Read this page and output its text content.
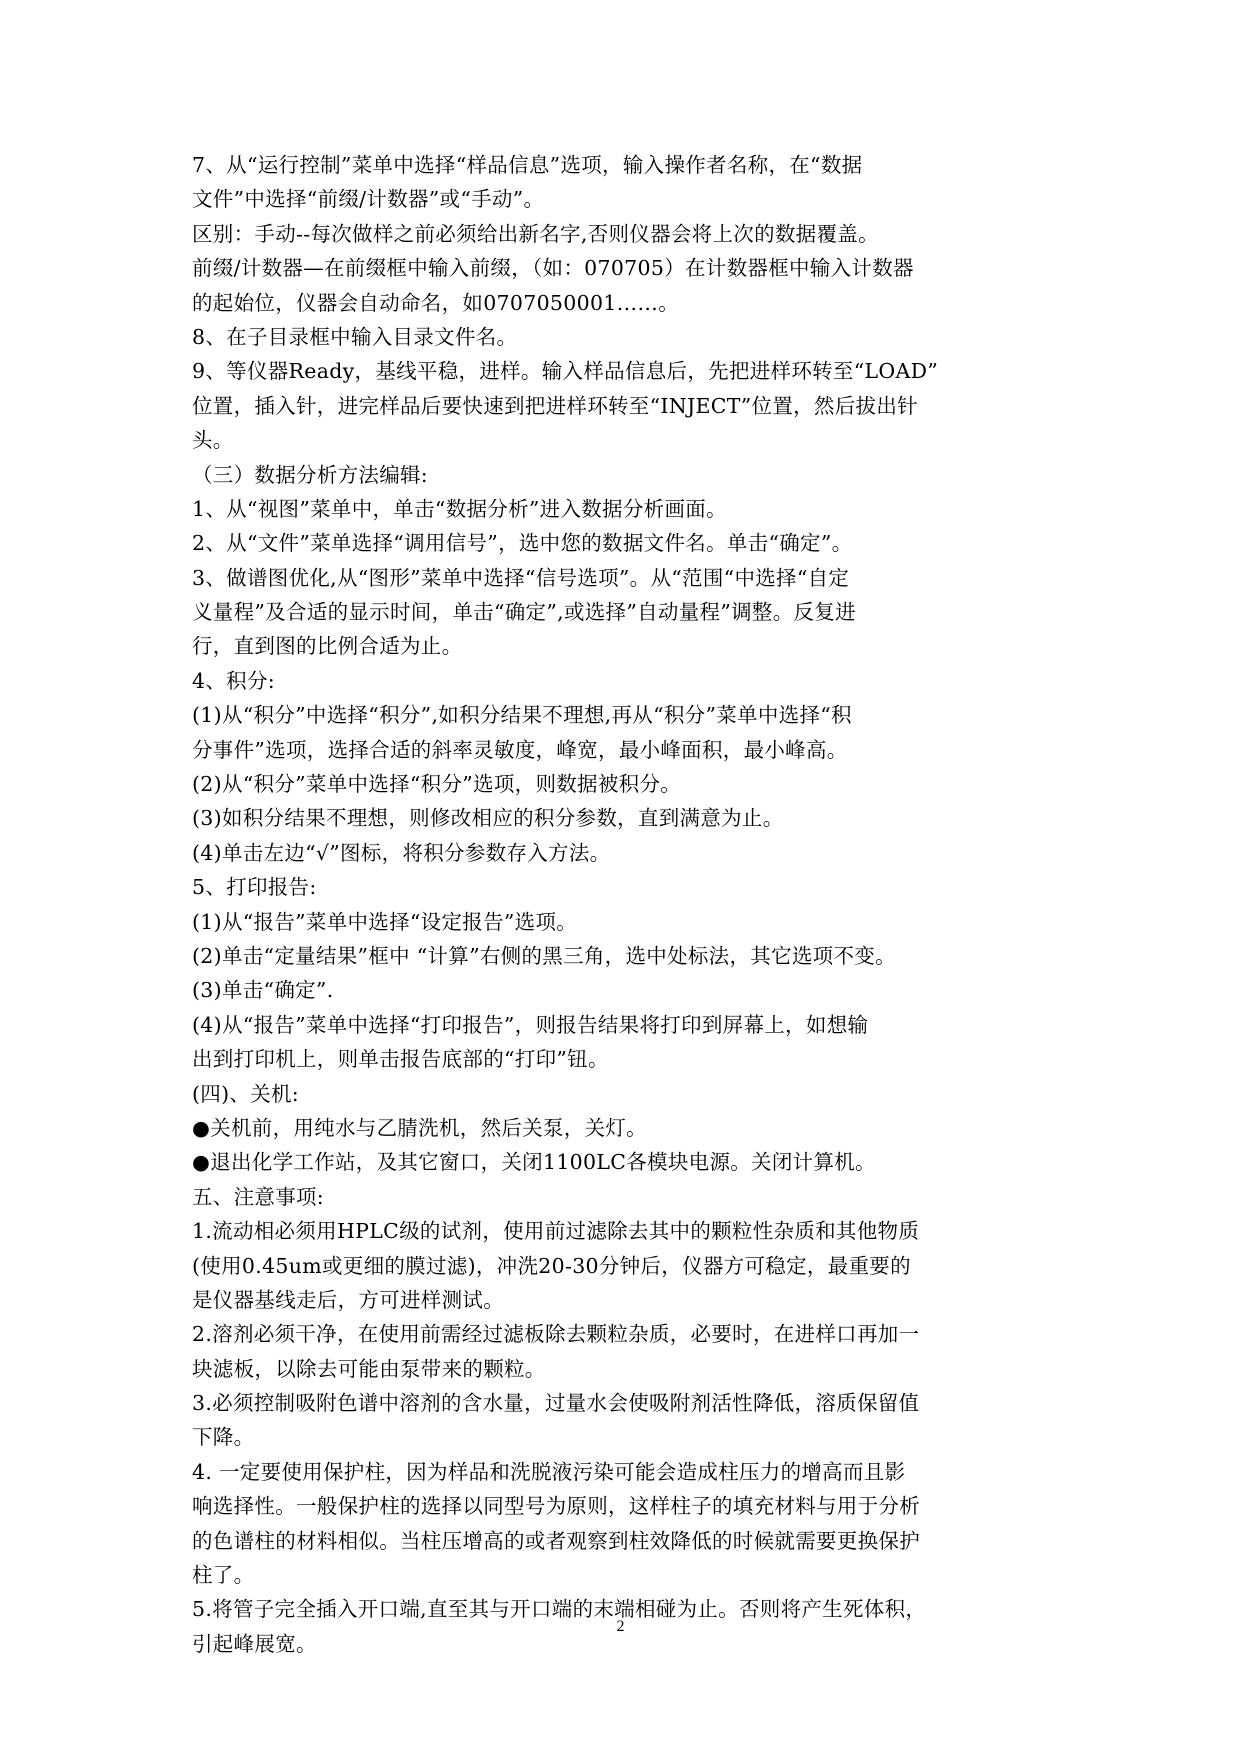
7、从“运行控制”菜单中选择“样品信息”选项，输入操作者名称，在“数据

文件”中选择“前缀/计数器”或“手动”。

区别：手动--每次做样之前必须给出新名字,否则仪器会将上次的数据覆盖。

前缀/计数器—在前缀框中输入前缀，（如：070705）在计数器框中输入计数器

的起始位，仪器会自动命名，如0707050001……。

8、在子目录框中输入目录文件名。

9、等仪器Ready，基线平稳，进样。输入样品信息后，先把进样环转至“LOAD”

位置，插入针，进完样品后要快速到把进样环转至“INJECT”位置，然后拔出针

头。

（三）数据分析方法编辑:

1、从“视图”菜单中，单击“数据分析”进入数据分析画面。

2、从“文件”菜单选择“调用信号”，选中您的数据文件名。单击“确定”。

3、做谱图优化,从“图形”菜单中选择“信号选项”。从“范围“中选择“自定

义量程”及合适的显示时间，单击“确定”,或选择”自动量程”调整。反复进

行，直到图的比例合适为止。

4、积分:

(1)从“积分”中选择“积分”,如积分结果不理想,再从“积分”菜单中选择“积

分事件”选项，选择合适的斜率灵敏度，峰宽，最小峰面积，最小峰高。

(2)从“积分”菜单中选择“积分”选项，则数据被积分。

(3)如积分结果不理想，则修改相应的积分参数，直到满意为止。

(4)单击左边“√”图标，将积分参数存入方法。

5、打印报告:

(1)从“报告”菜单中选择“设定报告”选项。

(2)单击“定量结果”框中 “计算”右侧的黑三角，选中处标法，其它选项不变。

(3)单击“确定”.

(4)从“报告”菜单中选择“打印报告”，则报告结果将打印到屏幕上，如想输

出到打印机上，则单击报告底部的“打印”钮。

(四)、关机:

●关机前，用纯水与乙腈洗机，然后关泵，关灯。

●退出化学工作站，及其它窗口，关闭1100LC各模块电源。关闭计算机。

五、注意事项:

1.流动相必须用HPLC级的试剂，使用前过滤除去其中的颗粒性杂质和其他物质

(使用0.45um或更细的膜过滤)，冲洗20-30分钟后，仪器方可稳定，最重要的

是仪器基线走后，方可进样测试。

2.溶剂必须干净，在使用前需经过滤板除去颗粒杂质，必要时，在进样口再加一

块滤板，以除去可能由泵带来的颗粒。

3.必须控制吸附色谱中溶剂的含水量，过量水会使吸附剂活性降低，溶质保留值

下降。

4. 一定要使用保护柱，因为样品和洗脱液污染可能会造成柱压力的增高而且影

响选择性。一般保护柱的选择以同型号为原则，这样柱子的填充材料与用于分析

的色谱柱的材料相似。当柱压增高的或者观察到柱效降低的时候就需要更换保护

柱了。

5.将管子完全插入开口端,直至其与开口端的末端相碰为止。否则将产生死体积，

引起峰展宽。

2
